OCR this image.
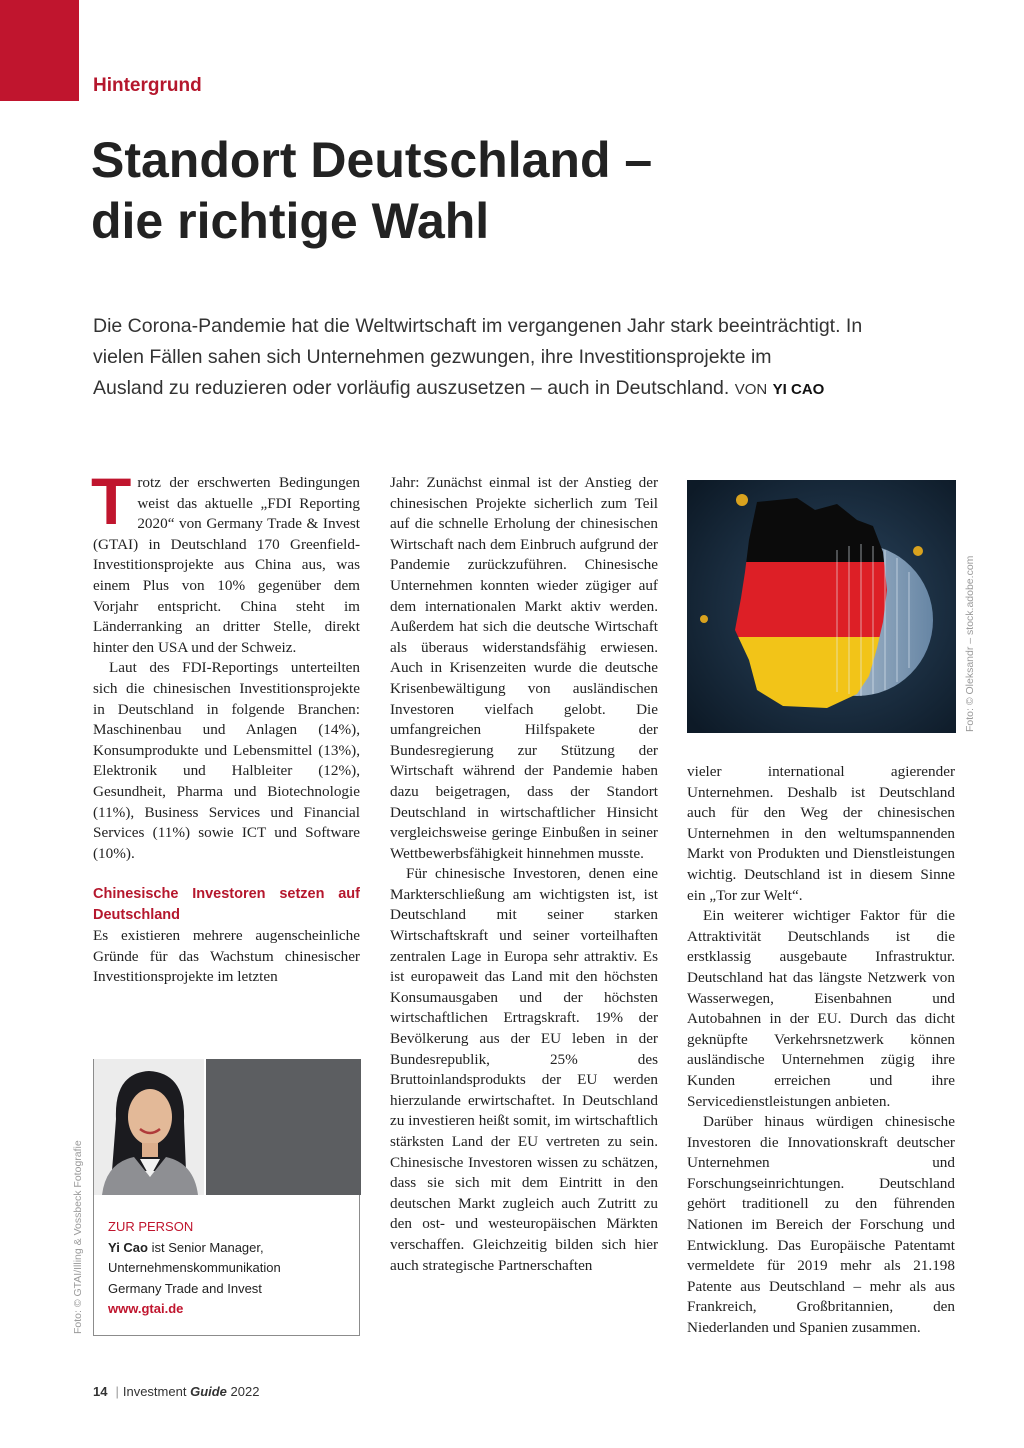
Hintergrund
Standort Deutschland –
die richtige Wahl
Die Corona-Pandemie hat die Weltwirtschaft im vergangenen Jahr stark beeinträchtigt. In
vielen Fällen sahen sich Unternehmen gezwungen, ihre Investitionsprojekte im
Ausland zu reduzieren oder vorläufig auszusetzen – auch in Deutschland. VON YI CAO

Trotz der erschwerten Bedingungen weist das aktuelle „FDI Reporting 2020“ von Germany Trade & Invest (GTAI) in Deutschland 170 Greenfield-Investitionsprojekte aus China aus, was einem Plus von 10% gegenüber dem Vorjahr entspricht. China steht im Länderranking an dritter Stelle, direkt hinter den USA und der Schweiz.

Laut des FDI-Reportings unterteilten sich die chinesischen Investitionsprojekte in Deutschland in folgende Branchen: Maschinenbau und Anlagen (14%), Konsumprodukte und Lebensmittel (13%), Elektronik und Halbleiter (12%), Gesundheit, Pharma und Biotechnologie (11%), Business Services und Financial Services (11%) sowie ICT und Software (10%).

Chinesische Investoren setzen auf Deutschland

Es existieren mehrere augenscheinliche Gründe für das Wachstum chinesischer Investitionsprojekte im letzten

Jahr: Zunächst einmal ist der Anstieg der chinesischen Projekte sicherlich zum Teil auf die schnelle Erholung der chinesischen Wirtschaft nach dem Einbruch aufgrund der Pandemie zurückzuführen. Chinesische Unternehmen konnten wieder zügiger auf dem internationalen Markt aktiv werden. Außerdem hat sich die deutsche Wirtschaft als überaus widerstandsfähig erwiesen. Auch in Krisenzeiten wurde die deutsche Krisenbewältigung von ausländischen Investoren vielfach gelobt. Die umfangreichen Hilfspakete der Bundesregierung zur Stützung der Wirtschaft während der Pandemie haben dazu beigetragen, dass der Standort Deutschland in wirtschaftlicher Hinsicht vergleichsweise geringe Einbußen in seiner Wettbewerbsfähigkeit hinnehmen musste.

Für chinesische Investoren, denen eine Markterschließung am wichtigsten ist, ist Deutschland mit seiner starken Wirtschaftskraft und seiner vorteilhaften zentralen Lage in Europa sehr attraktiv. Es ist europaweit das Land mit den höchsten Konsumausgaben und der höchsten wirtschaftlichen Ertragskraft. 19% der Bevölkerung aus der EU leben in der Bundesrepublik, 25% des Bruttoinlandsprodukts der EU werden hierzulande erwirtschaftet. In Deutschland zu investieren heißt somit, im wirtschaftlich stärksten Land der EU vertreten zu sein. Chinesische Investoren wissen zu schätzen, dass sie sich mit dem Eintritt in den deutschen Markt zugleich auch Zutritt zu den ost- und westeuropäischen Märkten verschaffen. Gleichzeitig bilden sich hier auch strategische Partnerschaften

Foto: © Oleksandr – stock.adobe.com

vieler international agierender Unternehmen. Deshalb ist Deutschland auch für den Weg der chinesischen Unternehmen in den weltumspannenden Markt von Produkten und Dienstleistungen wichtig. Deutschland ist in diesem Sinne ein „Tor zur Welt“.

Ein weiterer wichtiger Faktor für die Attraktivität Deutschlands ist die erstklassig ausgebaute Infrastruktur. Deutschland hat das längste Netzwerk von Wasserwegen, Eisenbahnen und Autobahnen in der EU. Durch das dicht geknüpfte Verkehrsnetzwerk können ausländische Unternehmen zügig ihre Kunden erreichen und ihre Servicedienstleistungen anbieten.

Darüber hinaus würdigen chinesische Investoren die Innovationskraft deutscher Unternehmen und Forschungseinrichtungen. Deutschland gehört traditionell zu den führenden Nationen im Bereich der Forschung und Entwicklung. Das Europäische Patentamt vermeldete für 2019 mehr als 21.198 Patente aus Deutschland – mehr als aus Frankreich, Großbritannien, den Niederlanden und Spanien zusammen.

ZUR PERSON
Yi Cao ist Senior Manager,
Unternehmenskommunikation
Germany Trade and Invest
www.gtai.de
Foto: © GTAI/Illing & Vossbeck Fotografie
14 | Investment Guide 2022
